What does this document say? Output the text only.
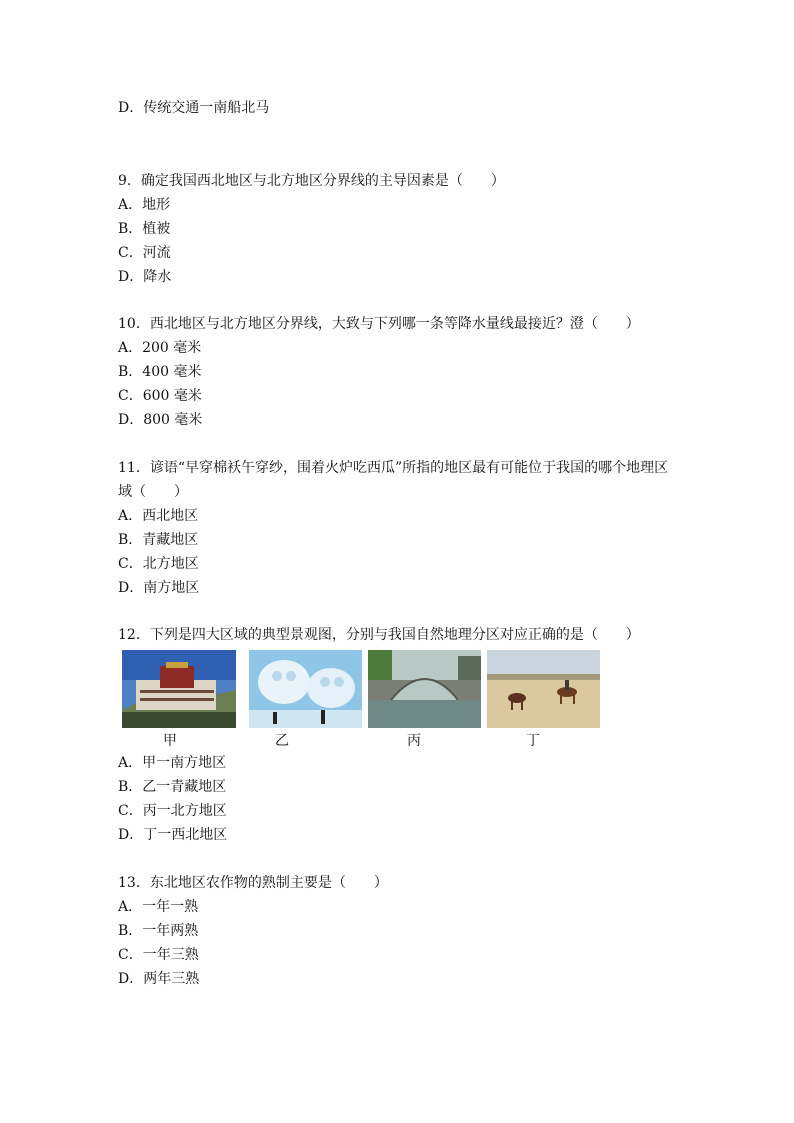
D．传统交通一南船北马
9．确定我国西北地区与北方地区分界线的主导因素是（　　）
A．地形
B．植被
C．河流
D．降水
10．西北地区与北方地区分界线，大致与下列哪一条等降水量线最接近？澄（　　）
A．200 毫米
B．400 毫米
C．600 毫米
D．800 毫米
11．谚语“早穿棉袄午穿纱，围着火炉吃西瓜”所指的地区最有可能位于我国的哪个地理区
域（　　）
A．西北地区
B．青藏地区
C．北方地区
D．南方地区
12．下列是四大区域的典型景观图，分别与我国自然地理分区对应正确的是（　　）
甲	乙	丙	丁
A．甲一南方地区
B．乙一青藏地区
C．丙一北方地区
D．丁一西北地区
13．东北地区农作物的熟制主要是（　　）
A．一年一熟
B．一年两熟
C．一年三熟
D．两年三熟
